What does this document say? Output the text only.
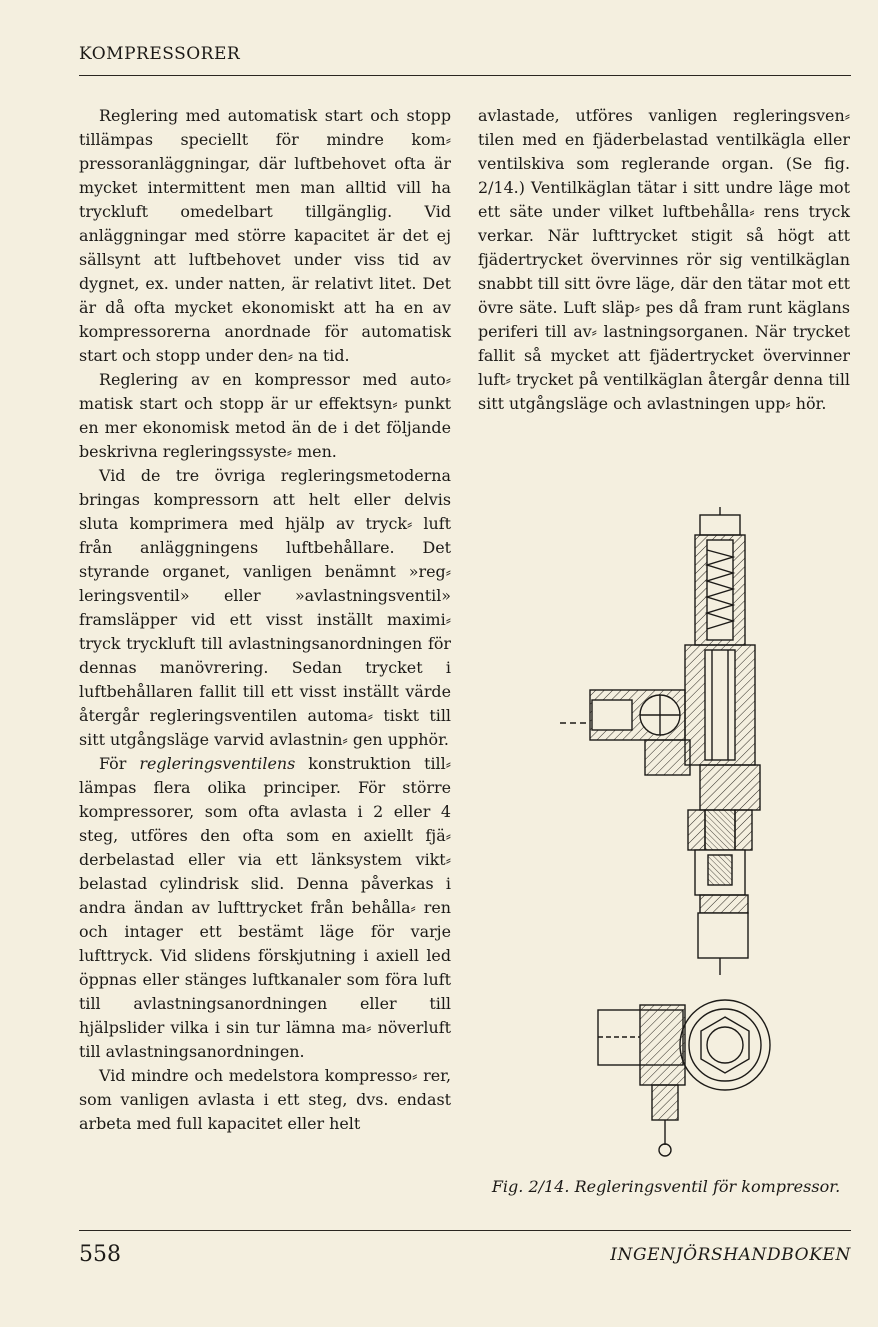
KOMPRESSORER

Reglering med automatisk start och stopp tillämpas speciellt för mindre kom⸗ pressoranläggningar, där luftbehovet ofta är mycket intermittent men man alltid vill ha tryckluft omedelbart tillgänglig. Vid anläggningar med större kapacitet är det ej sällsynt att luftbehovet under viss tid av dygnet, ex. under natten, är relativt litet. Det är då ofta mycket ekonomiskt att ha en av kompressorerna anordnade för automatisk start och stopp under den⸗ na tid.

Reglering av en kompressor med auto⸗ matisk start och stopp är ur effektsyn⸗ punkt en mer ekonomisk metod än de i det följande beskrivna regleringssyste⸗ men.

Vid de tre övriga regleringsmetoderna bringas kompressorn att helt eller delvis sluta komprimera med hjälp av tryck⸗ luft från anläggningens luftbehållare. Det styrande organet, vanligen benämnt »reg⸗ leringsventil» eller »avlastningsventil» framsläpper vid ett visst inställt maximi⸗ tryck tryckluft till avlastningsanordningen för dennas manövrering. Sedan trycket i luftbehållaren fallit till ett visst inställt värde återgår regleringsventilen automa⸗ tiskt till sitt utgångsläge varvid avlastnin⸗ gen upphör.

För regleringsventilens konstruktion till⸗ lämpas flera olika principer. För större kompressorer, som ofta avlasta i 2 eller 4 steg, utföres den ofta som en axiellt fjä⸗ derbelastad eller via ett länksystem vikt⸗ belastad cylindrisk slid. Denna påverkas i andra ändan av lufttrycket från behålla⸗ ren och intager ett bestämt läge för varje lufttryck. Vid slidens förskjutning i axiell led öppnas eller stänges luftkanaler som föra luft till avlastningsanordningen eller till hjälpslider vilka i sin tur lämna ma⸗ növerluft till avlastningsanordningen.

Vid mindre och medelstora kompresso⸗ rer, som vanligen avlasta i ett steg, dvs. endast arbeta med full kapacitet eller helt

avlastade, utföres vanligen regleringsven⸗ tilen med en fjäderbelastad ventilkägla eller ventilskiva som reglerande organ. (Se fig. 2/14.) Ventilkäglan tätar i sitt undre läge mot ett säte under vilket luftbehålla⸗ rens tryck verkar. När lufttrycket stigit så högt att fjädertrycket övervinnes rör sig ventilkäglan snabbt till sitt övre läge, där den tätar mot ett övre säte. Luft släp⸗ pes då fram runt käglans periferi till av⸗ lastningsorganen. När trycket fallit så mycket att fjädertrycket övervinner luft⸗ trycket på ventilkäglan återgår denna till sitt utgångsläge och avlastningen upp⸗ hör.

Fig. 2/14. Regleringsventil för kompressor.
558	INGENJÖRSHANDBOKEN
